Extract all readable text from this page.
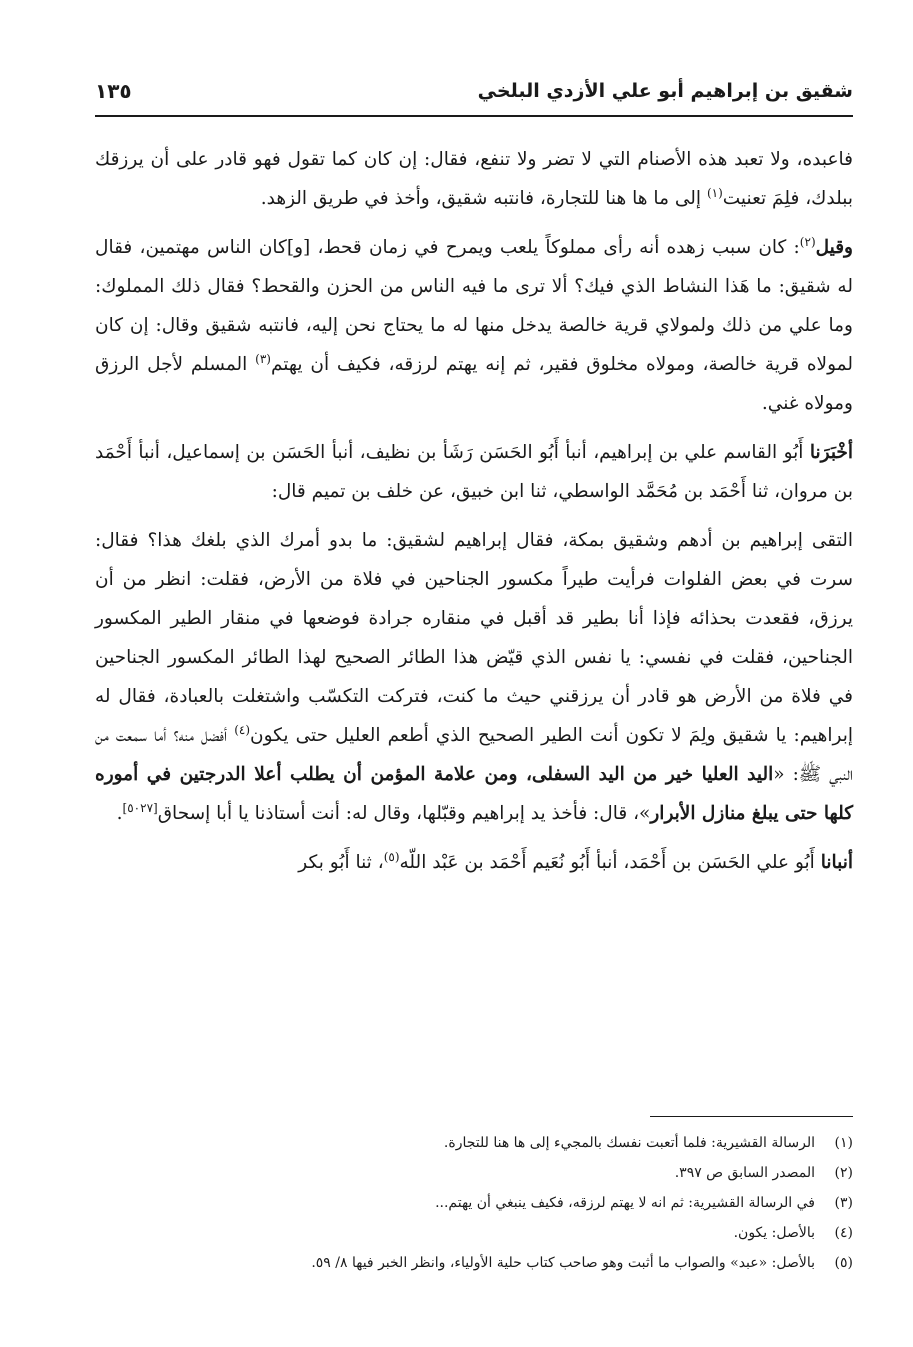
شقيق بن إبراهيم أبو علي الأزدي البلخي
١٣٥

فاعبده، ولا تعبد هذه الأصنام التي لا تضر ولا تنفع، فقال: إن كان كما تقول فهو قادر على أن يرزقك ببلدك، فلِمَ تعنيت$^{(١)}$ إلى ما ها هنا للتجارة، فانتبه شقيق، وأخذ في طريق الزهد.

وقيل$^{(٢)}$: كان سبب زهده أنه رأى مملوكاً يلعب ويمرح في زمان قحط، [و]كان الناس مهتمين، فقال له شقيق: ما هَذا النشاط الذي فيك؟ ألا ترى ما فيه الناس من الحزن والقحط؟ فقال ذلك المملوك: وما علي من ذلك ولمولاي قرية خالصة يدخل منها له ما يحتاج نحن إليه، فانتبه شقيق وقال: إن كان لمولاه قرية خالصة، ومولاه مخلوق فقير، ثم إنه يهتم لرزقه، فكيف أن يهتم$^{(٣)}$ المسلم لأجل الرزق ومولاه غني.

أخْبَرَنا أَبُو القاسم علي بن إبراهيم، أنبأ أَبُو الحَسَن رَشَأ بن نظيف، أنبأ الحَسَن بن إسماعيل، أنبأ أَحْمَد بن مروان، ثنا أَحْمَد بن مُحَمَّد الواسطي، ثنا ابن خبيق، عن خلف بن تميم قال:

التقى إبراهيم بن أدهم وشقيق بمكة، فقال إبراهيم لشقيق: ما بدو أمرك الذي بلغك هذا؟ فقال: سرت في بعض الفلوات فرأيت طيراً مكسور الجناحين في فلاة من الأرض، فقلت: انظر من أن يرزق، فقعدت بحذائه فإذا أنا بطير قد أقبل في منقاره جرادة فوضعها في منقار الطير المكسور الجناحين، فقلت في نفسي: يا نفس الذي قيّض هذا الطائر الصحيح لهذا الطائر المكسور الجناحين في فلاة من الأرض هو قادر أن يرزقني حيث ما كنت، فتركت التكسّب واشتغلت بالعبادة، فقال له إبراهيم: يا شقيق ولِمَ لا تكون أنت الطير الصحيح الذي أطعم العليل حتى يكون$^{(٤)}$ أفضل منه؟ أما سمعت من النبي ﷺ: «اليد العليا خير من اليد السفلى، ومن علامة المؤمن أن يطلب أعلا الدرجتين في أموره كلها حتى يبلغ منازل الأبرار»، قال: فأخذ يد إبراهيم وقبّلها، وقال له: أنت أستاذنا يا أبا إسحاق[٥٠٢٧].

أنبانا أَبُو علي الحَسَن بن أَحْمَد، أنبأ أَبُو نُعَيم أَحْمَد بن عَبْد اللّه$^{(٥)}$، ثنا أَبُو بكر

(١)الرسالة القشيرية: فلما أتعبت نفسك بالمجيء إلى ها هنا للتجارة.
(٢)المصدر السابق ص ٣٩٧.
(٣)في الرسالة القشيرية: ثم انه لا يهتم لرزقه، فكيف ينبغي أن يهتم...
(٤)بالأصل: يكون.
(٥)بالأصل: «عبد» والصواب ما أثبت وهو صاحب كتاب حلية الأولياء، وانظر الخبر فيها ٨/ ٥٩.
